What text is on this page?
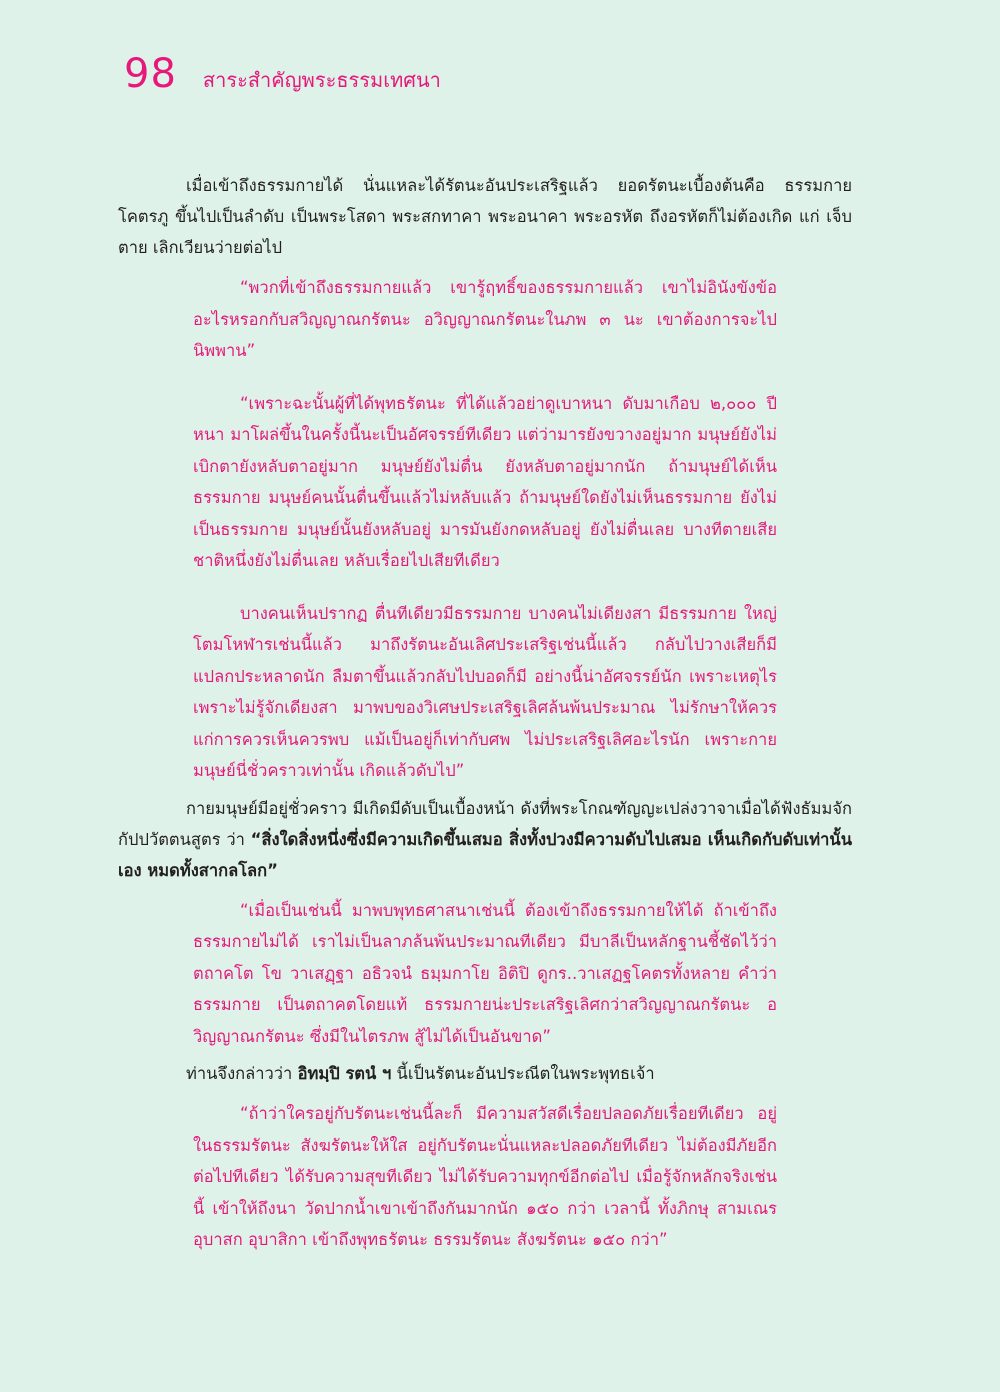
98 สาระสำคัญพระธรรมเทศนา

เมื่อเข้าถึงธรรมกายได้ นั่นแหละได้รัตนะอันประเสริฐแล้ว ยอดรัตนะเบื้องต้นคือ ธรรมกายโคตรภู ขึ้นไปเป็นลำดับ เป็นพระโสดา พระสกทาคา พระอนาคา พระอรหัต ถึงอรหัตก็ไม่ต้องเกิด แก่ เจ็บ ตาย เลิกเวียนว่ายต่อไป

“พวกที่เข้าถึงธรรมกายแล้ว เขารู้ฤทธิ์ของธรรมกายแล้ว เขาไม่อินังขังข้ออะไรหรอกกับสวิญญาณกรัตนะ อวิญญาณกรัตนะในภพ ๓ นะ เขาต้องการจะไปนิพพาน”

“เพราะฉะนั้นผู้ที่ได้พุทธรัตนะ ที่ได้แล้วอย่าดูเบาหนา ดับมาเกือบ ๒,๐๐๐ ปีหนา มาโผล่ขึ้นในครั้งนี้นะเป็นอัศจรรย์ทีเดียว แต่ว่ามารยังขวางอยู่มาก มนุษย์ยังไม่เบิกตายังหลับตาอยู่มาก มนุษย์ยังไม่ตื่น ยังหลับตาอยู่มากนัก ถ้ามนุษย์ได้เห็นธรรมกาย มนุษย์คนนั้นตื่นขึ้นแล้วไม่หลับแล้ว ถ้ามนุษย์ใดยังไม่เห็นธรรมกาย ยังไม่เป็นธรรมกาย มนุษย์นั้นยังหลับอยู่ มารมันยังกดหลับอยู่ ยังไม่ตื่นเลย บางทีตายเสียชาติหนึ่งยังไม่ตื่นเลย หลับเรื่อยไปเสียทีเดียว

บางคนเห็นปรากฏ ตื่นทีเดียวมีธรรมกาย บางคนไม่เดียงสา มีธรรมกาย ใหญ่โตมโหฬารเช่นนี้แล้ว มาถึงรัตนะอันเลิศประเสริฐเช่นนี้แล้ว กลับไปวางเสียก็มี แปลกประหลาดนัก ลืมตาขึ้นแล้วกลับไปบอดก็มี อย่างนี้น่าอัศจรรย์นัก เพราะเหตุไร เพราะไม่รู้จักเดียงสา มาพบของวิเศษประเสริฐเลิศล้นพ้นประมาณ ไม่รักษาให้ควรแก่การควรเห็นควรพบ แม้เป็นอยู่ก็เท่ากับศพ ไม่ประเสริฐเลิศอะไรนัก เพราะกายมนุษย์นี่ชั่วคราวเท่านั้น เกิดแล้วดับไป”

กายมนุษย์มีอยู่ชั่วคราว มีเกิดมีดับเป็นเบื้องหน้า ดังที่พระโกณฑัญญะเปล่งวาจาเมื่อได้ฟังธัมมจักกัปปวัตตนสูตร ว่า “สิ่งใดสิ่งหนึ่งซึ่งมีความเกิดขึ้นเสมอ สิ่งทั้งปวงมีความดับไปเสมอ เห็นเกิดกับดับเท่านั้นเอง หมดทั้งสากลโลก”

“เมื่อเป็นเช่นนี้ มาพบพุทธศาสนาเช่นนี้ ต้องเข้าถึงธรรมกายให้ได้ ถ้าเข้าถึง ธรรมกายไม่ได้ เราไม่เป็นลาภล้นพ้นประมาณทีเดียว มีบาลีเป็นหลักฐานชี้ชัดไว้ว่า ตถาคโต โข วาเสฏฺฐา อธิวจนํ ธมฺมกาโย อิติปิ ดูกร..วาเสฏฐโคตรทั้งหลาย คำว่า ธรรมกาย เป็นตถาคตโดยแท้ ธรรมกายน่ะประเสริฐเลิศกว่าสวิญญาณกรัตนะ อวิญญาณกรัตนะ ซึ่งมีในไตรภพ สู้ไม่ได้เป็นอันขาด”

ท่านจึงกล่าวว่า อิทมฺปิ รตนํ ฯ นี้เป็นรัตนะอันประณีตในพระพุทธเจ้า

“ถ้าว่าใครอยู่กับรัตนะเช่นนี้ละก็ มีความสวัสดีเรื่อยปลอดภัยเรื่อยทีเดียว อยู่ในธรรมรัตนะ สังฆรัตนะให้ใส อยู่กับรัตนะนั่นแหละปลอดภัยทีเดียว ไม่ต้องมีภัยอีกต่อไปทีเดียว ได้รับความสุขทีเดียว ไม่ได้รับความทุกข์อีกต่อไป เมื่อรู้จักหลักจริงเช่นนี้ เข้าให้ถึงนา วัดปากน้ำเขาเข้าถึงกันมากนัก ๑๕๐ กว่า เวลานี้ ทั้งภิกษุ สามเณร อุบาสก อุบาสิกา เข้าถึงพุทธรัตนะ ธรรมรัตนะ สังฆรัตนะ ๑๕๐ กว่า”
